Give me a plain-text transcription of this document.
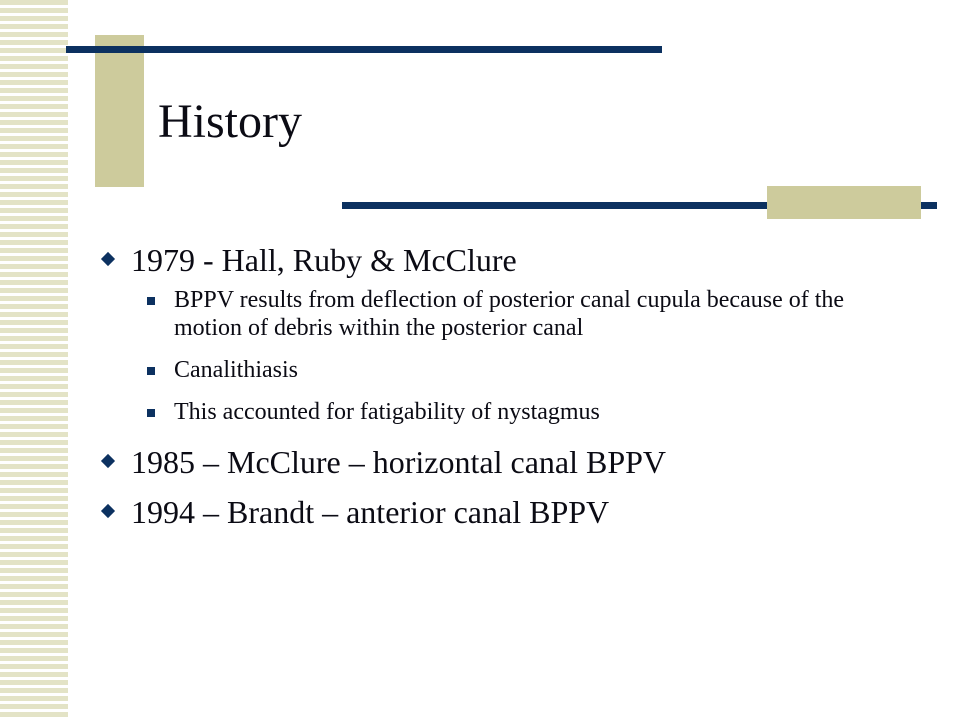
History
1979 - Hall, Ruby & McClure
BPPV results from deflection of posterior canal cupula because of the motion of debris within the posterior canal
Canalithiasis
This accounted for fatigability of nystagmus
1985 – McClure – horizontal canal BPPV
1994 – Brandt – anterior canal BPPV
